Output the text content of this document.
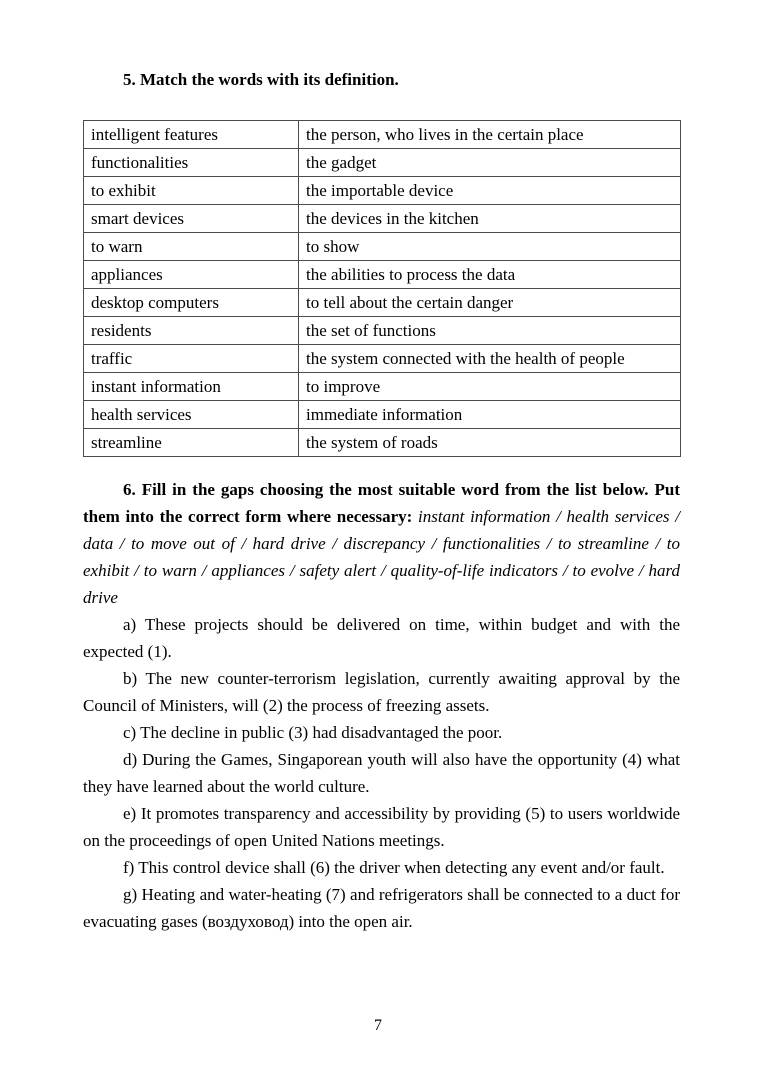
5. Match the words with its definition.

intelligent features	the person, who lives in the certain place
functionalities	the gadget
to exhibit	the importable device
smart devices	the devices in the kitchen
to warn	to show
appliances	the abilities to process the data
desktop computers	to tell about the certain danger
residents	the set of functions
traffic	the system connected with the health of people
instant information	to improve
health services	immediate information
streamline	the system of roads

6. Fill in the gaps choosing the most suitable word from the list below. Put them into the correct form where necessary: instant information / health services / data / to move out of / hard drive / discrepancy / functionalities / to streamline / to exhibit / to warn / appliances / safety alert / quality-of-life indicators / to evolve / hard drive

a) These projects should be delivered on time, within budget and with the expected (1).

b) The new counter-terrorism legislation, currently awaiting approval by the Council of Ministers, will (2) the process of freezing assets.

c) The decline in public (3) had disadvantaged the poor.

d) During the Games, Singaporean youth will also have the opportunity (4) what they have learned about the world culture.

e) It promotes transparency and accessibility by providing (5) to users worldwide on the proceedings of open United Nations meetings.

f) This control device shall (6) the driver when detecting any event and/or fault.

g) Heating and water-heating (7) and refrigerators shall be connected to a duct for evacuating gases (воздуховод) into the open air.

7
